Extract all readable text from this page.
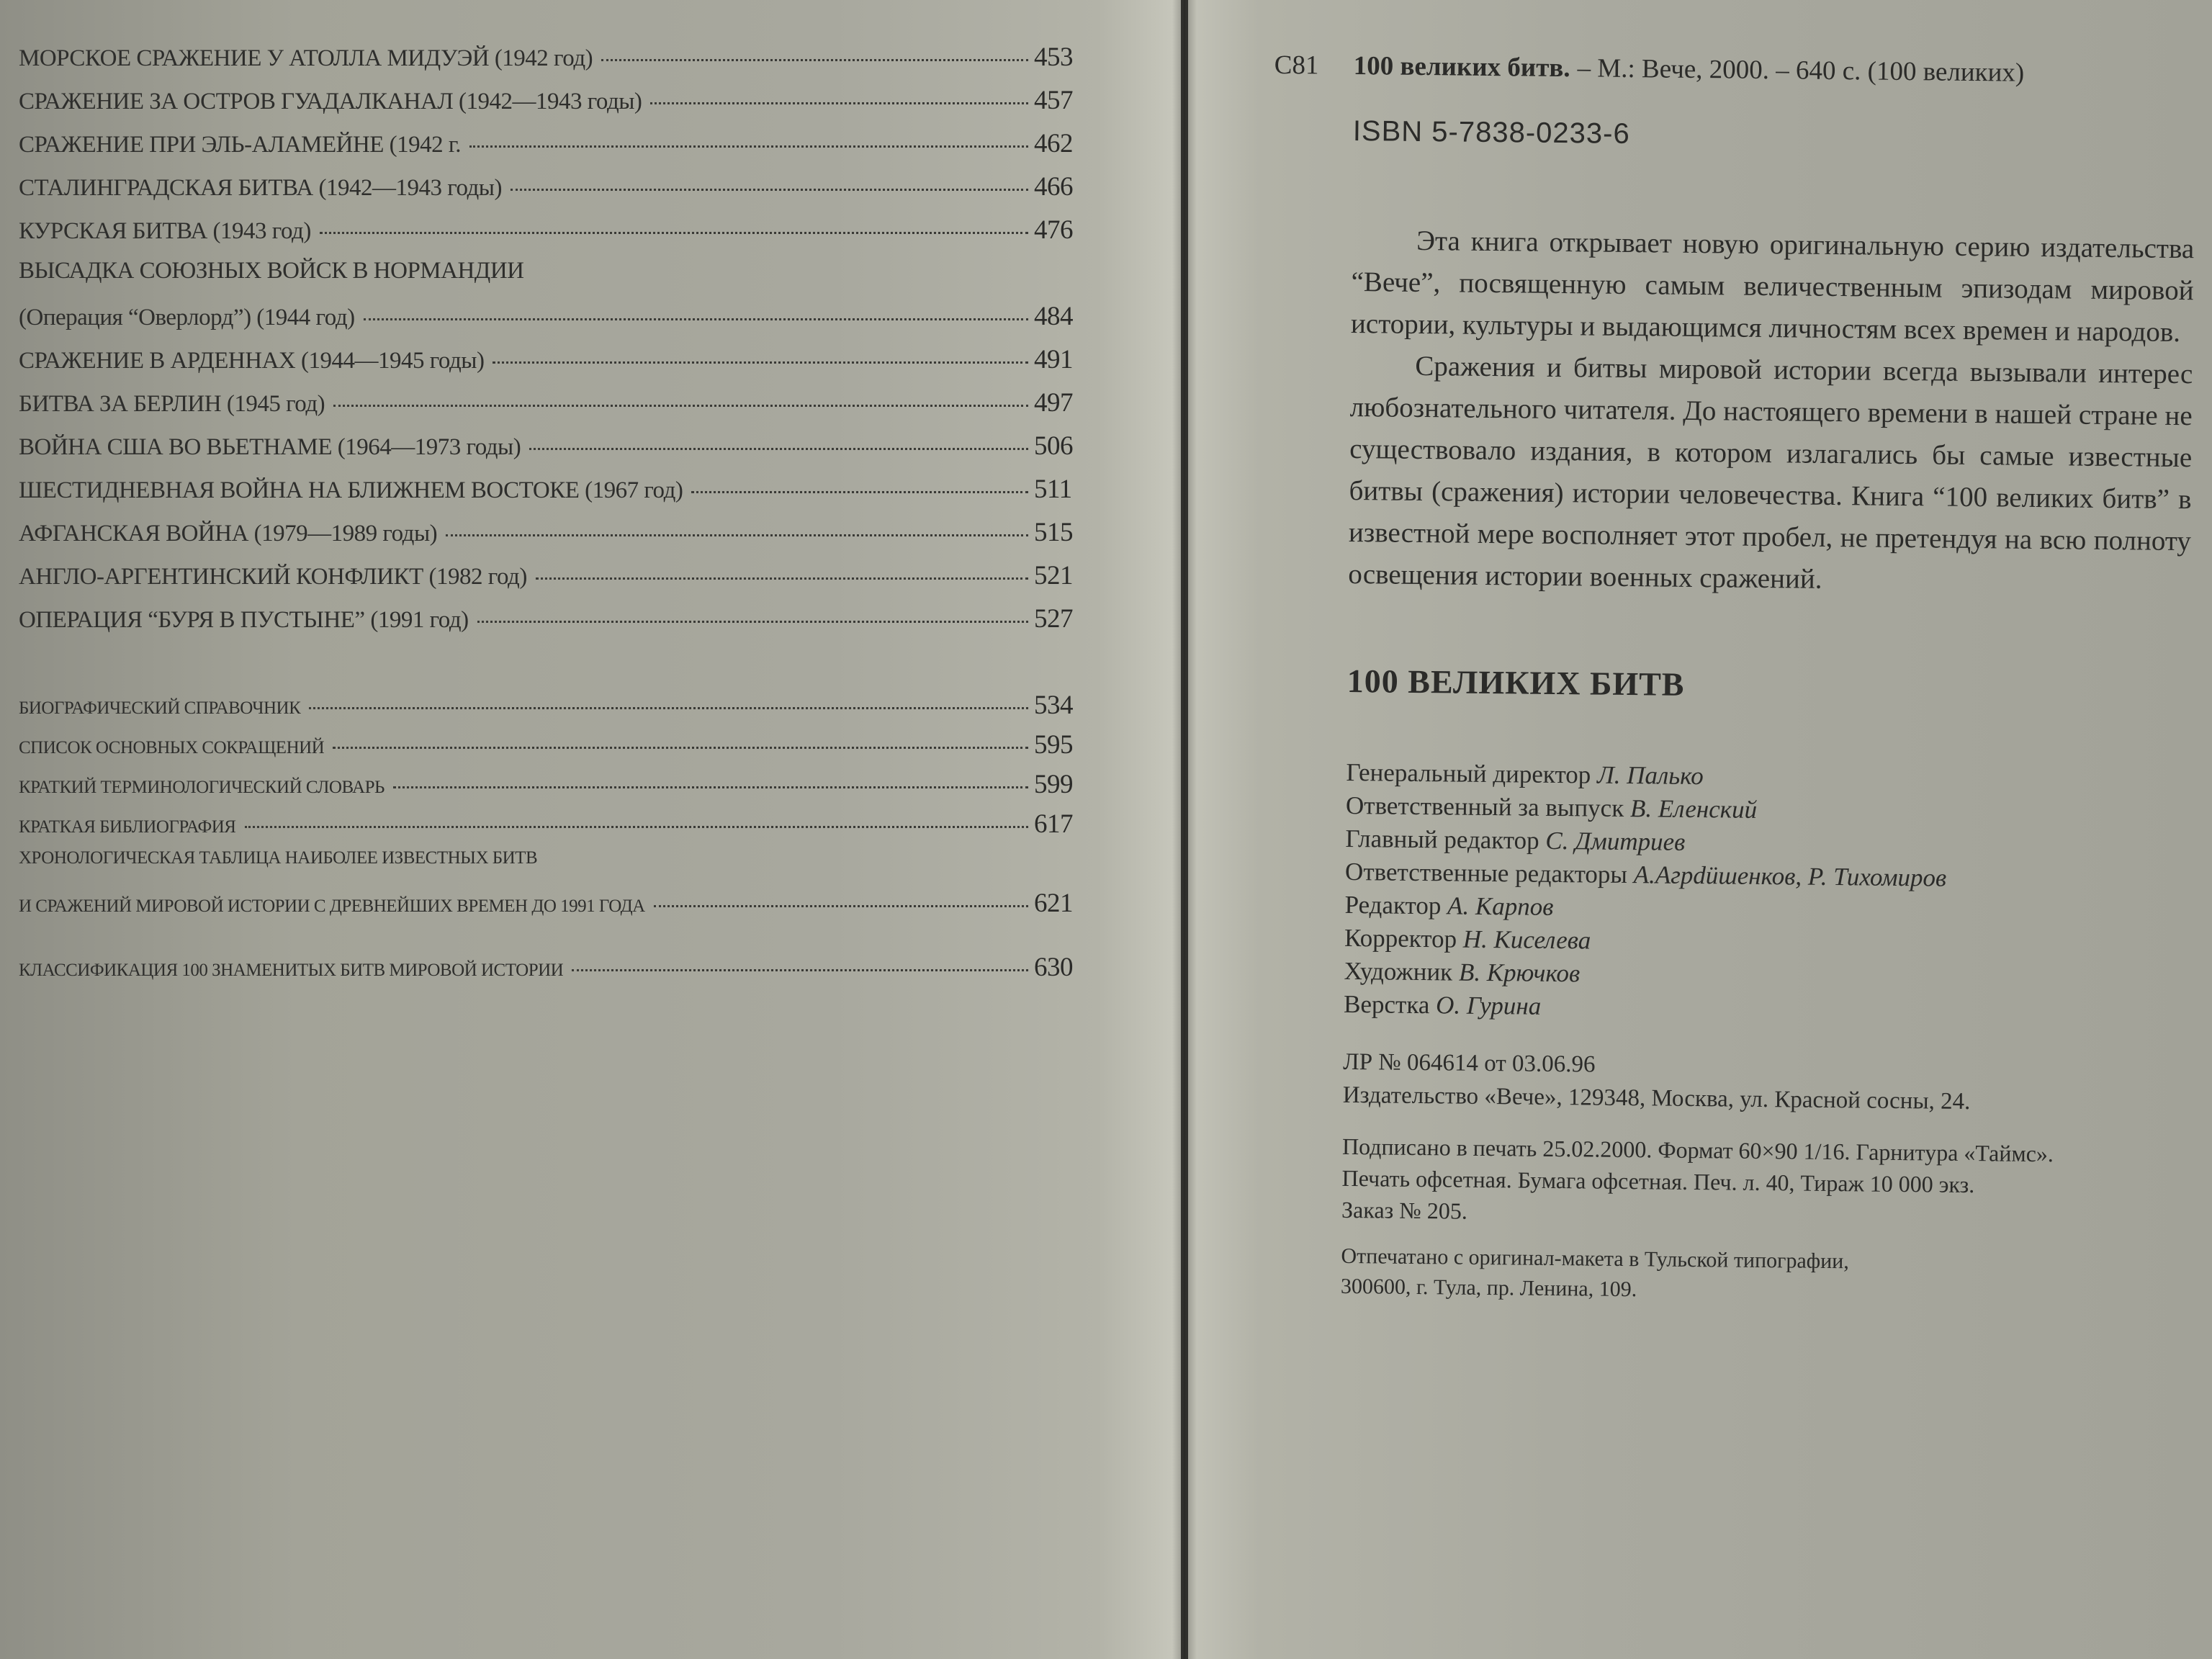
МОРСКОЕ СРАЖЕНИЕ У АТОЛЛА МИДУЭЙ (1942 год)	453
СРАЖЕНИЕ ЗА ОСТРОВ ГУАДАЛКАНАЛ (1942—1943 годы)	457
СРАЖЕНИЕ ПРИ ЭЛЬ-АЛАМЕЙНЕ (1942 г.	462
СТАЛИНГРАДСКАЯ БИТВА (1942—1943 годы)	466
КУРСКАЯ БИТВА (1943 год)	476
ВЫСАДКА СОЮЗНЫХ ВОЙСК В НОРМАНДИИ
(Операция “Оверлорд”) (1944 год)	484
СРАЖЕНИЕ В АРДЕННАХ (1944—1945 годы)	491
БИТВА ЗА БЕРЛИН (1945 год)	497
ВОЙНА США ВО ВЬЕТНАМЕ (1964—1973 годы)	506
ШЕСТИДНЕВНАЯ ВОЙНА НА БЛИЖНЕМ ВОСТОКЕ (1967 год)	511
АФГАНСКАЯ ВОЙНА (1979—1989 годы)	515
АНГЛО-АРГЕНТИНСКИЙ КОНФЛИКТ (1982 год)	521
ОПЕРАЦИЯ “БУРЯ В ПУСТЫНЕ” (1991 год)	527
БИОГРАФИЧЕСКИЙ СПРАВОЧНИК	534
СПИСОК ОСНОВНЫХ СОКРАЩЕНИЙ	595
КРАТКИЙ ТЕРМИНОЛОГИЧЕСКИЙ СЛОВАРЬ	599
КРАТКАЯ БИБЛИОГРАФИЯ	617
ХРОНОЛОГИЧЕСКАЯ ТАБЛИЦА НАИБОЛЕЕ ИЗВЕСТНЫХ БИТВ
И СРАЖЕНИЙ МИРОВОЙ ИСТОРИИ С ДРЕВНЕЙШИХ ВРЕМЕН ДО 1991 ГОДА	621
КЛАССИФИКАЦИЯ 100 ЗНАМЕНИТЫХ БИТВ МИРОВОЙ ИСТОРИИ	630
С81	100 великих битв. – М.: Вече, 2000. – 640 с. (100 великих)
ISBN 5-7838-0233-6

Эта книга открывает новую оригинальную серию издательства “Вече”, посвященную самым величественным эпизодам мировой истории, культуры и выдающимся личностям всех времен и народов.

Сражения и битвы мировой истории всегда вызывали интерес любознательного читателя. До настоящего времени в нашей стране не существовало издания, в котором излагались бы самые известные битвы (сражения) истории человечества. Книга “100 великих битв” в известной мере восполняет этот пробел, не претендуя на всю полноту освещения истории военных сражений.

100 ВЕЛИКИХ БИТВ
Генеральный директор Л. Палько
Ответственный за выпуск В. Еленский
Главный редактор С. Дмитриев
Ответственные редакторы А.Агрdüшенков, Р. Тихомиров
Редактор А. Карпов
Корректор Н. Киселева
Художник В. Крючков
Верстка О. Гурина
ЛР № 064614 от 03.06.96
Издательство «Вече», 129348, Москва, ул. Красной сосны, 24.
Подписано в печать 25.02.2000. Формат 60×90 1/16. Гарнитура «Таймс».
Печать офсетная. Бумага офсетная. Печ. л. 40, Тираж 10 000 экз.
Заказ № 205.
Отпечатано с оригинал-макета в Тульской типографии,
300600, г. Тула, пр. Ленина, 109.
